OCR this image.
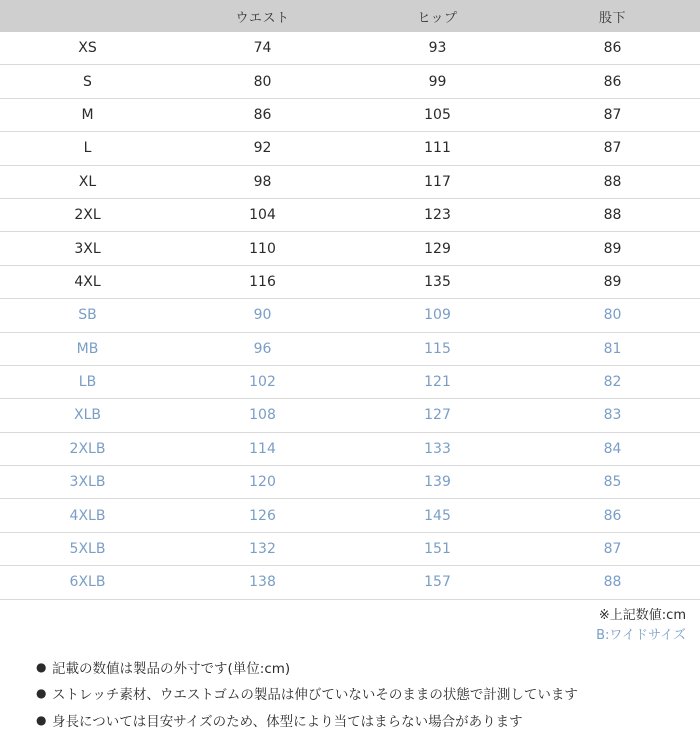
	ウエスト	ヒップ	股下
XS	74	93	86
S	80	99	86
M	86	105	87
L	92	111	87
XL	98	117	88
2XL	104	123	88
3XL	110	129	89
4XL	116	135	89
SB	90	109	80
MB	96	115	81
LB	102	121	82
XLB	108	127	83
2XLB	114	133	84
3XLB	120	139	85
4XLB	126	145	86
5XLB	132	151	87
6XLB	138	157	88
※上記数値:cm
B:ワイドサイズ
● 記載の数値は製品の外寸です(単位:cm)
● ストレッチ素材、ウエストゴムの製品は伸びていないそのままの状態で計測しています
● 身長については目安サイズのため、体型により当てはまらない場合があります
